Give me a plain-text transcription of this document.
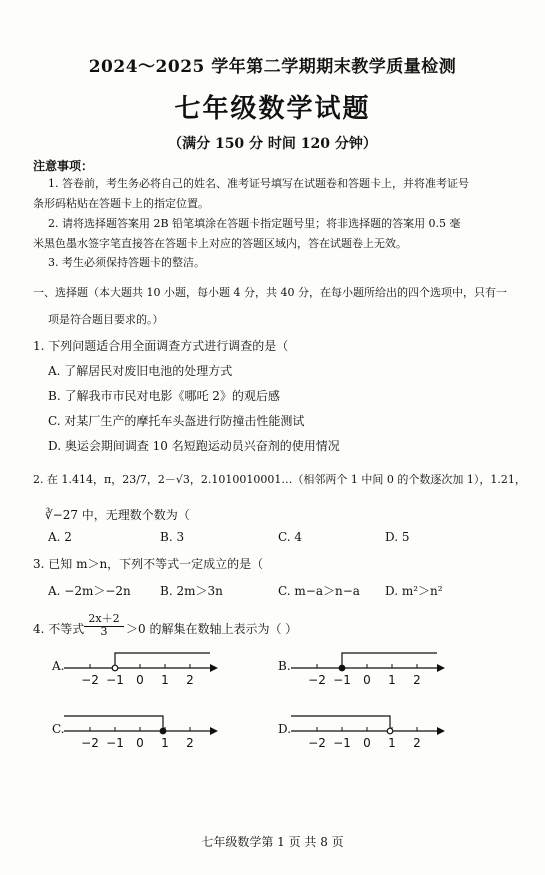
2024～2025 学年第二学期期末教学质量检测
七年级数学试题
（满分 150 分 时间 120 分钟）
注意事项：
1. 答卷前，考生务必将自己的姓名、准考证号填写在试题卷和答题卡上，并将准考证号
条形码粘贴在答题卡上的指定位置。
2. 请将选择题答案用 2B 铅笔填涂在答题卡指定题号里；将非选择题的答案用 0.5 毫
米黑色墨水签字笔直接答在答题卡上对应的答题区域内，答在试题卷上无效。
3. 考生必须保持答题卡的整洁。
一、选择题（本大题共 10 小题，每小题 4 分，共 40 分，在每小题所给出的四个选项中，只有一
项是符合题目要求的。）
1. 下列问题适合用全面调查方式进行调查的是（
A. 了解居民对废旧电池的处理方式
B. 了解我市市民对电影《哪吒 2》的观后感
C. 对某厂生产的摩托车头盔进行防撞击性能测试
D. 奥运会期间调查 10 名短跑运动员兴奋剂的使用情况
2. 在 1.414，π，23/7，2－√3，2.1010010001…（相邻两个 1 中间 0 的个数逐次加 1），1.21，
∛−27 中，无理数个数为（
A. 2	B. 3	C. 4	D. 5
3. 已知 m＞n，下列不等式一定成立的是（
A. −2m＞−2n B. 2m＞3n	C. m−a＞n−a D. m²＞n²
4. 不等式
2x＋2
3	＞0 的解集在数轴上表示为（ ）
A.	B.
C.	D.
−2 −1 0 1 2	−2 −1 0 1 2
−2 −1 0 1 2	−2 −1 0 1 2
七年级数学第 1 页 共 8 页
